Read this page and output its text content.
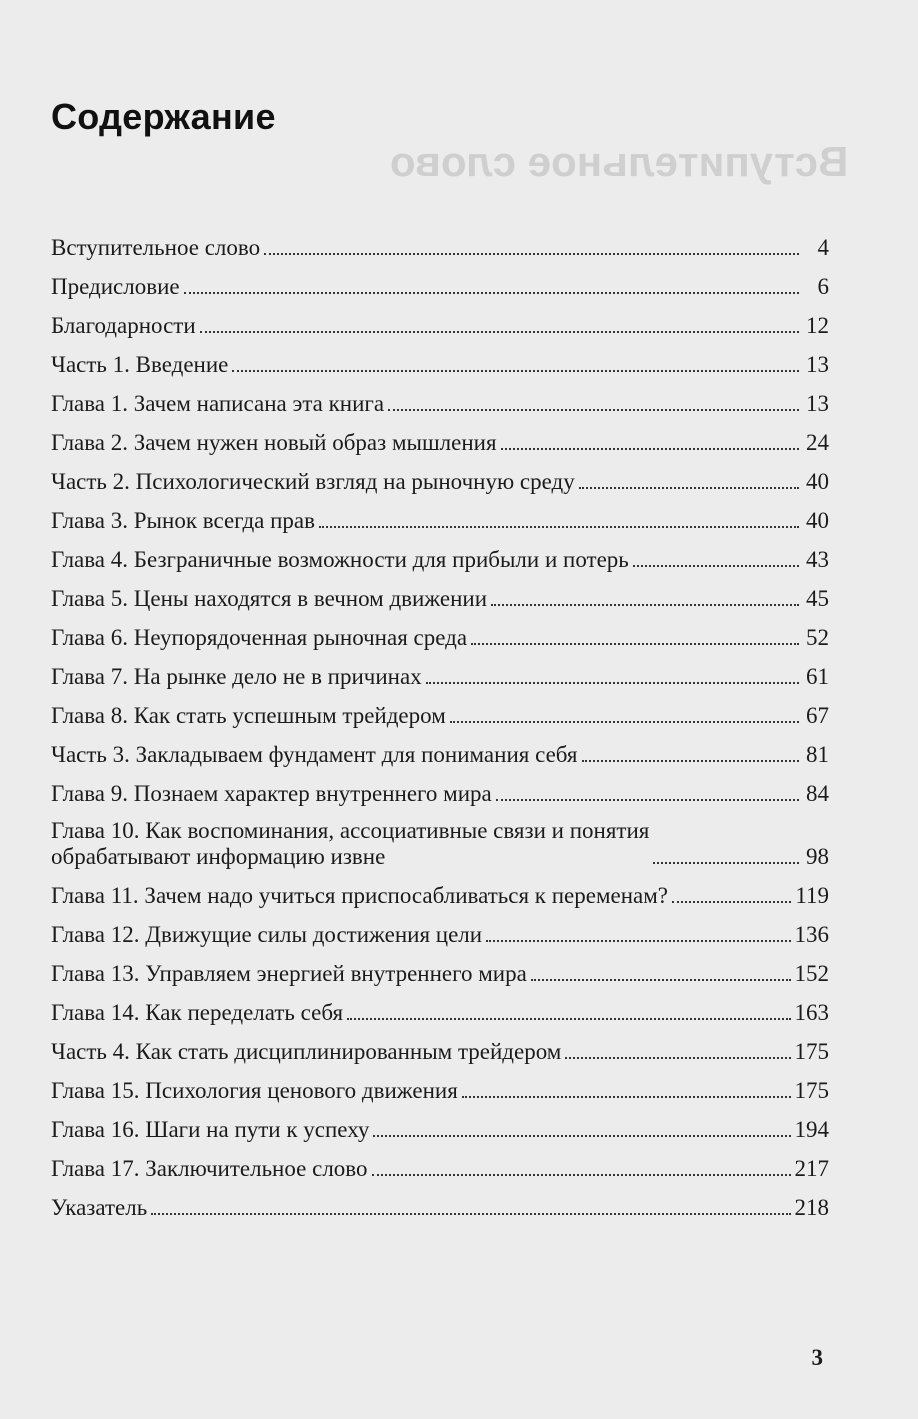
Вступительное слово
Содержание
Вступительное слово	4
Предисловие	6
Благодарности	12
Часть 1. Введение	13
Глава 1. Зачем написана эта книга	13
Глава 2. Зачем нужен новый образ мышления	24
Часть 2. Психологический взгляд на рыночную среду	40
Глава 3. Рынок всегда прав	40
Глава 4. Безграничные возможности для прибыли и потерь	43
Глава 5. Цены находятся в вечном движении	45
Глава 6. Неупорядоченная рыночная среда	52
Глава 7. На рынке дело не в причинах	61
Глава 8. Как стать успешным трейдером	67
Часть 3. Закладываем фундамент для понимания себя	81
Глава 9. Познаем характер внутреннего мира	84
Глава 10. Как воспоминания, ассоциативные связи и понятия
обрабатывают информацию извне	98
Глава 11. Зачем надо учиться приспосабливаться к переменам?	119
Глава 12. Движущие силы достижения цели	136
Глава 13. Управляем энергией внутреннего мира	152
Глава 14. Как переделать себя	163
Часть 4. Как стать дисциплинированным трейдером	175
Глава 15. Психология ценового движения	175
Глава 16. Шаги на пути к успеху	194
Глава 17. Заключительное слово	217
Указатель	218
3
